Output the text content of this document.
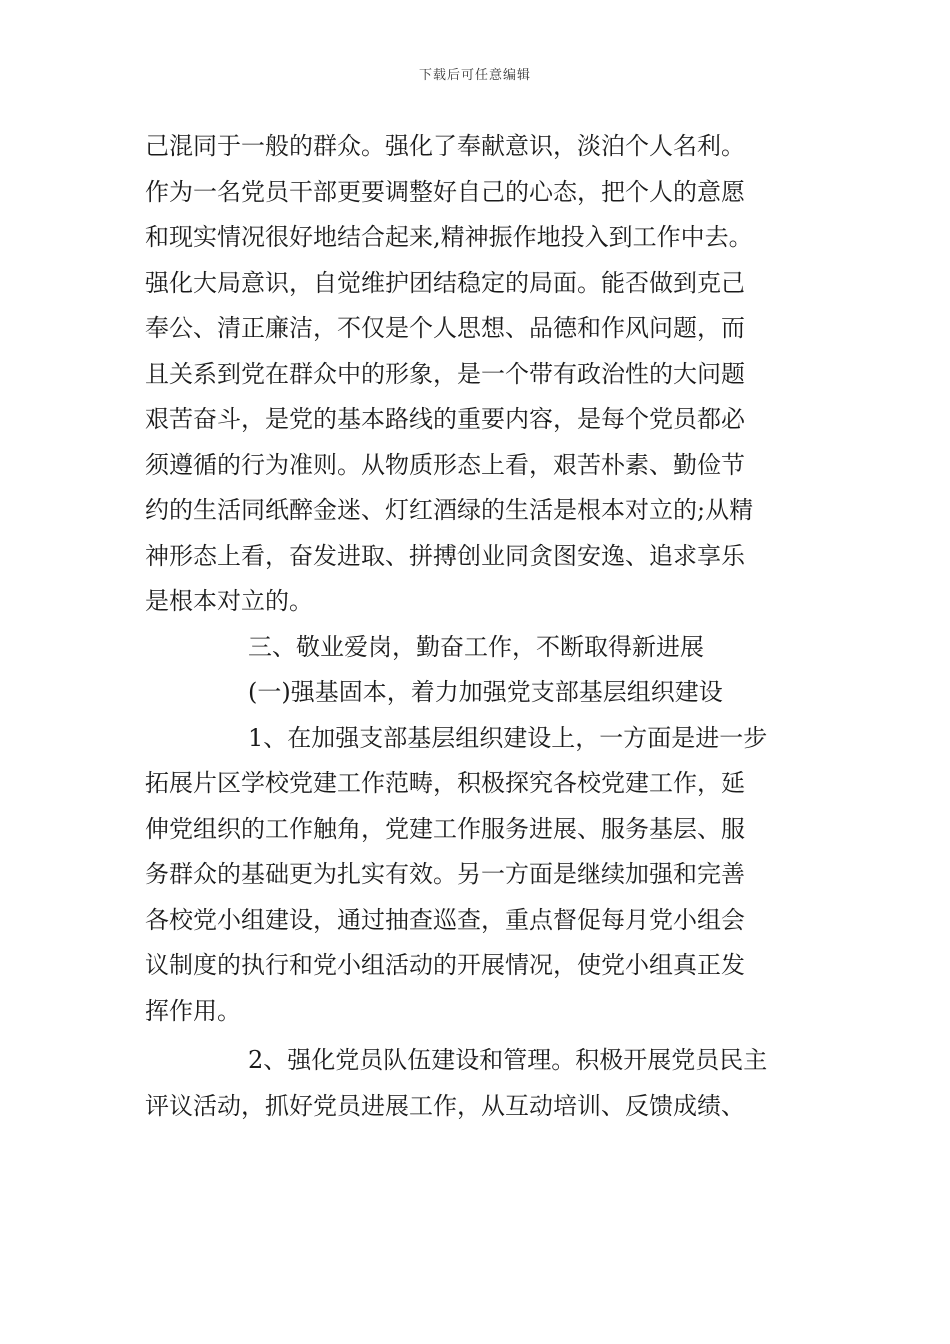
下载后可任意编辑
己混同于一般的群众。强化了奉献意识，淡泊个人名利。
作为一名党员干部更要调整好自己的心态，把个人的意愿
和现实情况很好地结合起来,精神振作地投入到工作中去。
强化大局意识，自觉维护团结稳定的局面。能否做到克己
奉公、清正廉洁，不仅是个人思想、品德和作风问题，而
且关系到党在群众中的形象，是一个带有政治性的大问题
艰苦奋斗，是党的基本路线的重要内容，是每个党员都必
须遵循的行为准则。从物质形态上看，艰苦朴素、勤俭节
约的生活同纸醉金迷、灯红酒绿的生活是根本对立的;从精
神形态上看，奋发进取、拼搏创业同贪图安逸、追求享乐
是根本对立的。
三、敬业爱岗，勤奋工作，不断取得新进展
(一)强基固本，着力加强党支部基层组织建设
1、在加强支部基层组织建设上，一方面是进一步
拓展片区学校党建工作范畴，积极探究各校党建工作，延
伸党组织的工作触角，党建工作服务进展、服务基层、服
务群众的基础更为扎实有效。另一方面是继续加强和完善
各校党小组建设，通过抽查巡查，重点督促每月党小组会
议制度的执行和党小组活动的开展情况，使党小组真正发
挥作用。
2、强化党员队伍建设和管理。积极开展党员民主
评议活动，抓好党员进展工作，从互动培训、反馈成绩、
